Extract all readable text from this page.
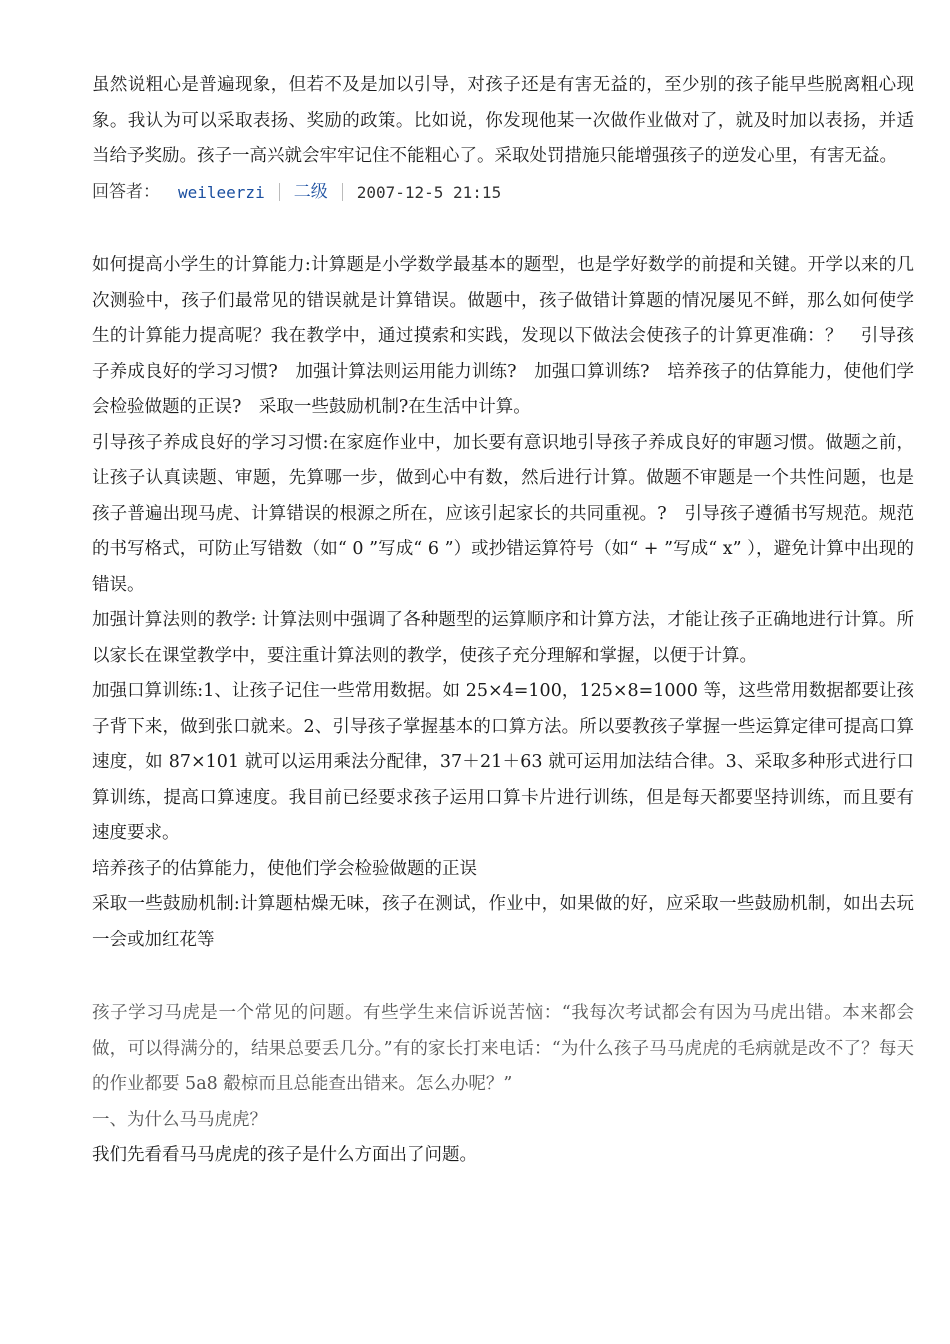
虽然说粗心是普遍现象，但若不及是加以引导，对孩子还是有害无益的，至少别的孩子能早些脱离粗心现象。我认为可以采取表扬、奖励的政策。比如说，你发现他某一次做作业做对了，就及时加以表扬，并适当给予奖励。孩子一高兴就会牢牢记住不能粗心了。采取处罚措施只能增强孩子的逆发心里，有害无益。

回答者： weileerzi 二级 2007-12-5 21:15

如何提高小学生的计算能力:计算题是小学数学最基本的题型，也是学好数学的前提和关键。开学以来的几次测验中，孩子们最常见的错误就是计算错误。做题中，孩子做错计算题的情况屡见不鲜，那么如何使学生的计算能力提高呢？我在教学中，通过摸索和实践，发现以下做法会使孩子的计算更准确：？　引导孩子养成良好的学习习惯?　加强计算法则运用能力训练?　加强口算训练?　培养孩子的估算能力，使他们学会检验做题的正误?　采取一些鼓励机制?在生活中计算。

引导孩子养成良好的学习习惯:在家庭作业中，加长要有意识地引导孩子养成良好的审题习惯。做题之前，让孩子认真读题、审题，先算哪一步，做到心中有数，然后进行计算。做题不审题是一个共性问题，也是孩子普遍出现马虎、计算错误的根源之所在，应该引起家长的共同重视。?　引导孩子遵循书写规范。规范的书写格式，可防止写错数（如“ 0 ”写成“ 6 ”）或抄错运算符号（如“ + ”写成“ x” ），避免计算中出现的错误。

加强计算法则的教学: 计算法则中强调了各种题型的运算顺序和计算方法，才能让孩子正确地进行计算。所以家长在课堂教学中，要注重计算法则的教学，使孩子充分理解和掌握，以便于计算。

加强口算训练:1、让孩子记住一些常用数据。如 25×4=100，125×8=1000 等，这些常用数据都要让孩子背下来，做到张口就来。2、引导孩子掌握基本的口算方法。所以要教孩子掌握一些运算定律可提高口算速度，如 87×101 就可以运用乘法分配律，37＋21＋63 就可运用加法结合律。3、采取多种形式进行口算训练，提高口算速度。我目前已经要求孩子运用口算卡片进行训练，但是每天都要坚持训练，而且要有速度要求。

培养孩子的估算能力，使他们学会检验做题的正误

采取一些鼓励机制:计算题枯燥无味，孩子在测试，作业中，如果做的好，应采取一些鼓励机制，如出去玩一会或加红花等

孩子学习马虎是一个常见的问题。有些学生来信诉说苦恼：“我每次考试都会有因为马虎出错。本来都会做，可以得满分的，结果总要丢几分。”有的家长打来电话：“为什么孩子马马虎虎的毛病就是改不了？每天的作业都要 5a8 觳椋而且总能查出错来。怎么办呢？”

一、为什么马马虎虎？

我们先看看马马虎虎的孩子是什么方面出了问题。
